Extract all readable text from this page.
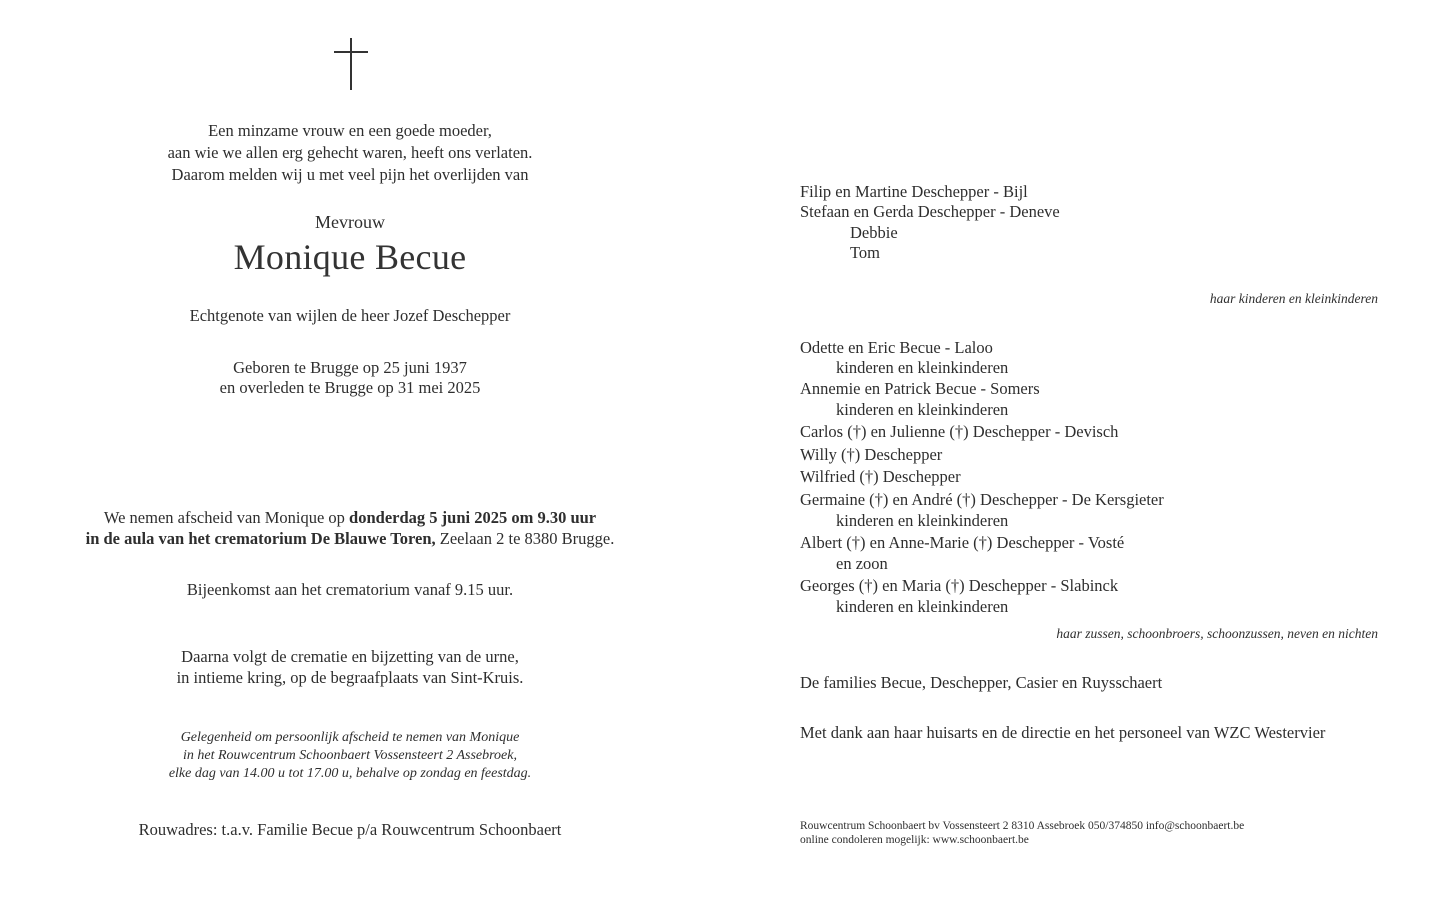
Een minzame vrouw en een goede moeder,
aan wie we allen erg gehecht waren, heeft ons verlaten.
Daarom melden wij u met veel pijn het overlijden van
Mevrouw
Monique Becue
Echtgenote van wijlen de heer Jozef Deschepper
Geboren te Brugge op 25 juni 1937
en overleden te Brugge op 31 mei 2025
We nemen afscheid van Monique op donderdag 5 juni 2025 om 9.30 uur
in de aula van het crematorium De Blauwe Toren, Zeelaan 2 te 8380 Brugge.
Bijeenkomst aan het crematorium vanaf 9.15 uur.
Daarna volgt de crematie en bijzetting van de urne,
in intieme kring, op de begraafplaats van Sint-Kruis.
Gelegenheid om persoonlijk afscheid te nemen van Monique
in het Rouwcentrum Schoonbaert Vossensteert 2 Assebroek,
elke dag van 14.00 u tot 17.00 u, behalve op zondag en feestdag.
Rouwadres: t.a.v. Familie Becue p/a Rouwcentrum Schoonbaert
Filip en Martine Deschepper - Bijl
Stefaan en Gerda Deschepper - Deneve
Debbie
Tom
haar kinderen en kleinkinderen
Odette en Eric Becue - Laloo
kinderen en kleinkinderen
Annemie en Patrick Becue - Somers
kinderen en kleinkinderen
Carlos (†) en Julienne (†) Deschepper - Devisch
Willy (†) Deschepper
Wilfried (†) Deschepper
Germaine (†) en André (†) Deschepper - De Kersgieter
kinderen en kleinkinderen
Albert (†) en Anne-Marie (†) Deschepper - Vosté
en zoon
Georges (†) en Maria (†) Deschepper - Slabinck
kinderen en kleinkinderen
haar zussen, schoonbroers, schoonzussen, neven en nichten
De families Becue, Deschepper, Casier en Ruysschaert
Met dank aan haar huisarts en de directie en het personeel van WZC Westervier
Rouwcentrum Schoonbaert bv Vossensteert 2 8310 Assebroek 050/374850 info@schoonbaert.be
online condoleren mogelijk: www.schoonbaert.be
